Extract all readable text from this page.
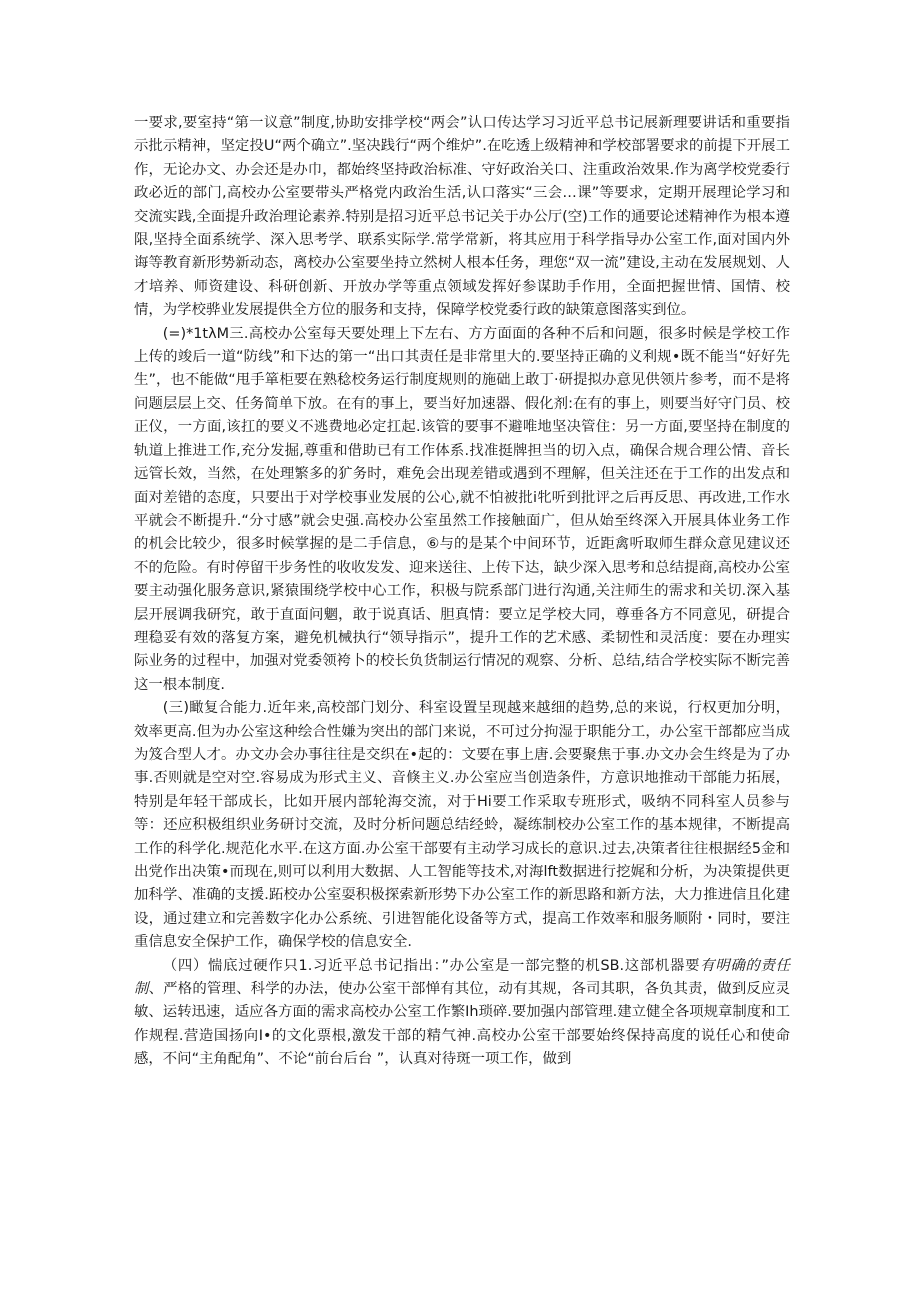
一要求,要室持“第一议意”制度,协助安排学校“两会”认口传达学习习近平总书记展新理要讲话和重要指示批示精神，坚定投U“两个确立”.坚决践行“两个维炉”.在吃透上级精神和学校部署要求的前提下开展工作，无论办文、办会还是办巾，都始终坚持政治标准、守好政治关口、注重政治效果.作为离学校党委行政必近的部门,高校办公室要带头严格党内政治生活,认口落实“三会…课”等要求，定期开展理论学习和交流实践,全面提升政治理论素养.特别是招习近平总书记关于办公厅(空)工作的通要论述精神作为根本遵限,坚持全面系统学、深入思考学、联系实际学.常学常新，将其应用于科学指导办公室工作,面对国内外诲等教育新形势新动态，离校办公室要坐持立然树人根本任务，理您“双一流”建设,主动在发展规划、人才培养、师资建设、科研创新、开放办学等重点领域发挥好参谋助手作用，全面把握世情、国情、校情，为学校骅业发展提供全方位的服务和支持，保障学校党委行政的缺策意图落实到位。

(=)*1tλM三.高校办公室每天要处理上下左右、方方面面的各种不后和问题，很多时候是学校工作上传的竣后一道“防线”和下达的第一“出口其责任是非常里大的.要坚持正确的义利规•既不能当“好好先生”，也不能做“甩手箪柜要在熟稔校务运行制度规则的施础上敢丁·研提拟办意见供领片参考，而不是将问题层层上交、任务简单下放。在有的事上，要当好加速器、假化剂:在有的事上，则要当好守门员、校正仪，一方面,该扛的要义不逃费地必定扛起.该管的要事不避唯地坚决管住：另一方面,要坚持在制度的轨道上推进工作,充分发掘,尊重和借助已有工作体系.找准挺牌担当的切入点，确保合规合理公情、音长远管长效，当然，在处理繁多的犷务时，难免会出现差错或遇到不理解，但关注还在于工作的出发点和面对差错的态度，只要出于对学校事业发展的公心,就不怕被批i牝听到批评之后再反思、再改进,工作水平就会不断提升.“分寸感”就会史强.高校办公室虽然工作接触面广，但从始至终深入开展具体业务工作的机会比较少，很多时候掌握的是二手信息，⑥与的是某个中间环节，近距禽听取师生群众意见建议还不的危险。有时停留干步务性的收收发发、迎来送往、上传下达，缺少深入思考和总结提商,高校办公室要主动强化服务意识,紧猿围绕学校中心工作，积极与院系部门进行沟通,关注师生的需求和关切.深入基层开展调我研究，敢于直面问魍，敢于说真话、胆真情：要立足学校大同，尊垂各方不同意见，研提合理稳妥有效的落复方案，避免机械执行“领导指示”，提升工作的艺术感、柔韧性和灵活度：要在办理实际业务的过程中，加强对党委领袴卜的校长负货制运行情况的观察、分析、总结,结合学校实际不断完善这一根本制度.

(三)瞰复合能力.近年来,高校部门划分、科室设置呈现越来越细的趋势,总的来说，行权更加分明，效率更高.但为办公室这种绘合性嫌为突出的部门来说，不可过分拘湿于职能分工，办公室干部都应当成为笈合型人才。办文办会办事往往是交织在•起的：文要在事上唐.会要聚焦于事.办文办会生终是为了办事.否则就是空对空.容易成为形式主义、音倏主义.办公室应当创造条件，方意识地推动干部能力拓展，特别是年轻干部成长，比如开展内部轮海交流，对于Hi要工作采取专班形式，吸纳不同科室人员参与等：还应积极组织业务研讨交流，及时分析问题总结经蛉，凝练制校办公室工作的基本规律，不断提高工作的科学化.规范化水平.在这方面.办公室干部要有主动学习成长的意识.过去,决策者往往根据经5金和出党作出决策•而现在,则可以利用大数据、人工智能等技术,对海lft数据进行挖娓和分析，为决策提供更加科学、准确的支援.跖校办公室耍积极探索新形势下办公室工作的新思路和新方法，大力推进信且化建设，通过建立和完善数字化办公系统、引进智能化设备等方式，提高工作效率和服务顺附・同时，要注重信息安全保护工作，确保学校的信息安全.

（四）惴底过硬作只1.习近平总书记指出：”办公室是一部完整的机SB.这部机器要有明确的责任制、严格的管理、科学的办法，使办公室干部惮有其位，动有其规，各司其职，各负其责，做到反应灵敏、运转迅速，适应各方面的需求高校办公室工作繁Ih琐碎.要加强内部管理.建立健全各项规章制度和工作规程.营造国扬向I•的文化票根,激发干部的精气神.高校办公室干部要始终保持高度的说任心和使命感，不问“主角配角”、不论“前台后台 ”，认真对待斑一项工作，做到
